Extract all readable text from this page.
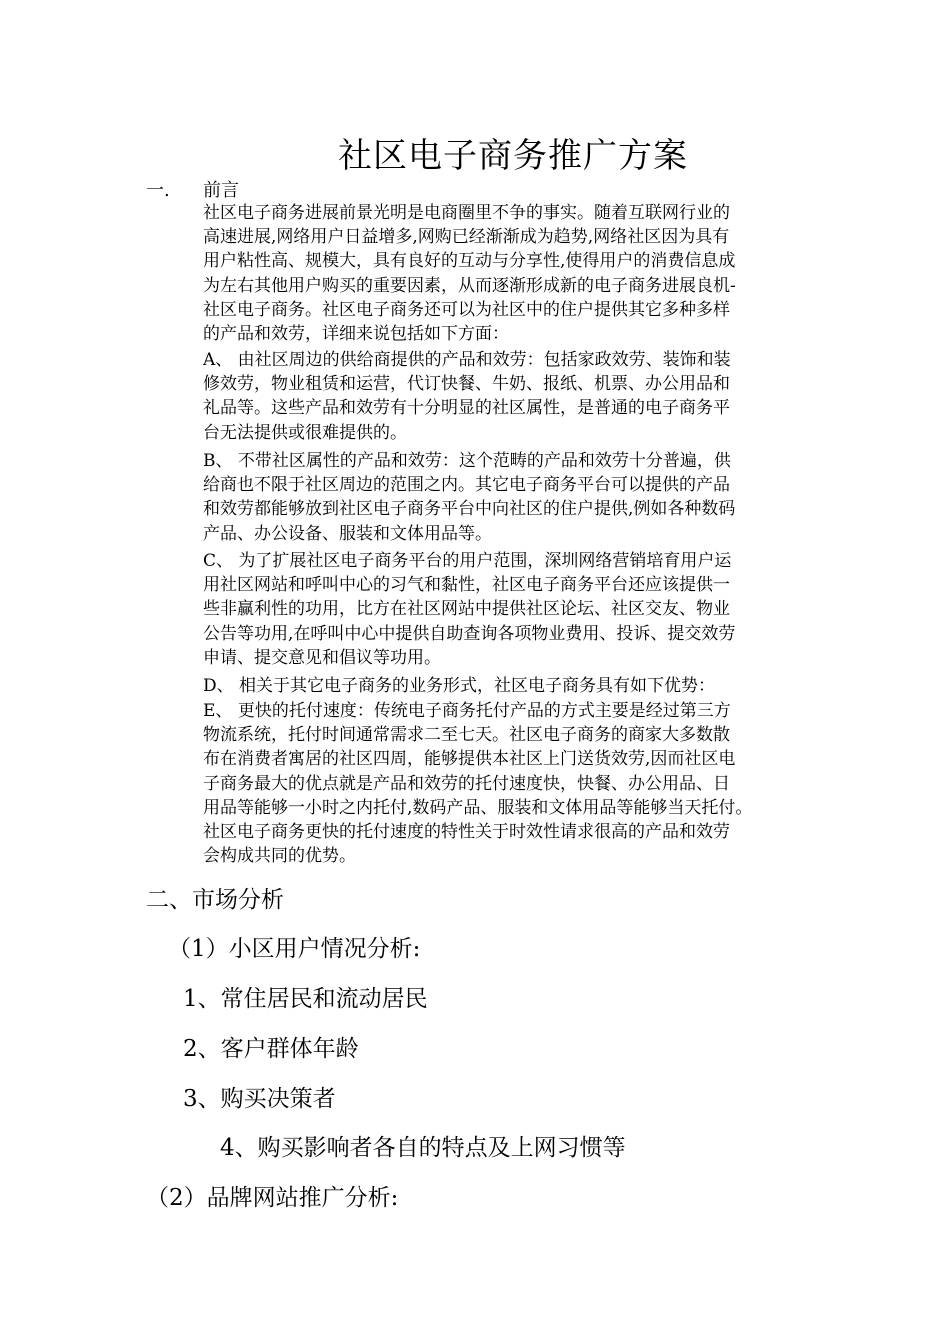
社区电子商务推广方案
一. 前言
社区电子商务进展前景光明是电商圈里不争的事实。随着互联网行业的
高速进展,网络用户日益增多,网购已经渐渐成为趋势,网络社区因为具有
用户粘性高、规模大，具有良好的互动与分享性,使得用户的消费信息成
为左右其他用户购买的重要因素，从而逐渐形成新的电子商务进展良机-
社区电子商务。社区电子商务还可以为社区中的住户提供其它多种多样
的产品和效劳，详细来说包括如下方面：
A、 由社区周边的供给商提供的产品和效劳：包括家政效劳、装饰和装
修效劳，物业租赁和运营，代订快餐、牛奶、报纸、机票、办公用品和
礼品等。这些产品和效劳有十分明显的社区属性，是普通的电子商务平
台无法提供或很难提供的。
B、 不带社区属性的产品和效劳：这个范畴的产品和效劳十分普遍，供
给商也不限于社区周边的范围之内。其它电子商务平台可以提供的产品
和效劳都能够放到社区电子商务平台中向社区的住户提供,例如各种数码
产品、办公设备、服装和文体用品等。
C、 为了扩展社区电子商务平台的用户范围，深圳网络营销培育用户运
用社区网站和呼叫中心的习气和黏性，社区电子商务平台还应该提供一
些非赢利性的功用，比方在社区网站中提供社区论坛、社区交友、物业
公告等功用,在呼叫中心中提供自助查询各项物业费用、投诉、提交效劳
申请、提交意见和倡议等功用。
D、 相关于其它电子商务的业务形式，社区电子商务具有如下优势：
E、 更快的托付速度：传统电子商务托付产品的方式主要是经过第三方
物流系统，托付时间通常需求二至七天。社区电子商务的商家大多数散
布在消费者寓居的社区四周，能够提供本社区上门送货效劳,因而社区电
子商务最大的优点就是产品和效劳的托付速度快，快餐、办公用品、日
用品等能够一小时之内托付,数码产品、服装和文体用品等能够当天托付。
社区电子商务更快的托付速度的特性关于时效性请求很高的产品和效劳
会构成共同的优势。
二、市场分析
（1）小区用户情况分析:
1、常住居民和流动居民
2、客户群体年龄
3、购买决策者
4、购买影响者各自的特点及上网习惯等
（2）品牌网站推广分析:
